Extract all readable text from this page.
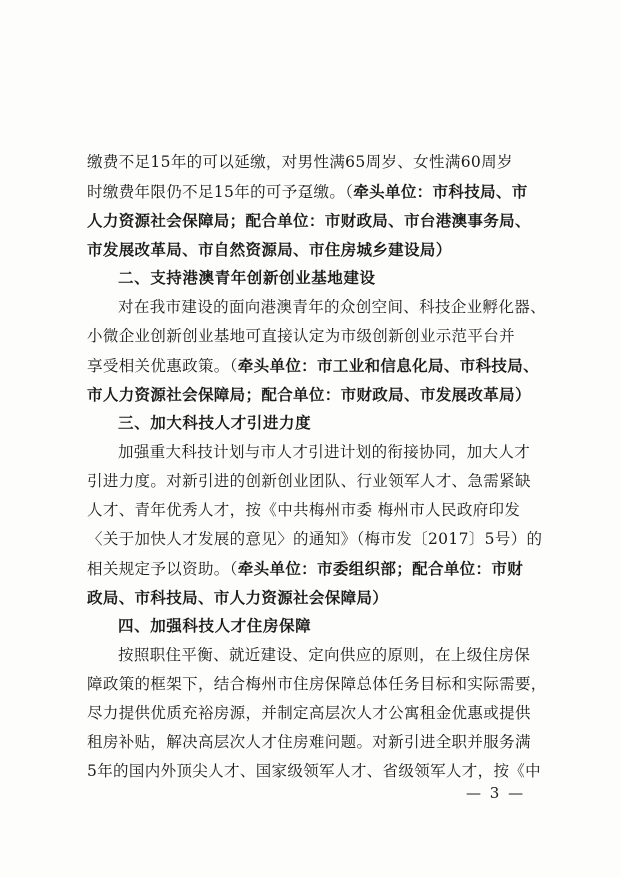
缴费不足15年的可以延缴，对男性满65周岁、女性满60周岁
时缴费年限仍不足15年的可予趸缴。（牵头单位：市科技局、市
人力资源社会保障局；配合单位：市财政局、市台港澳事务局、
市发展改革局、市自然资源局、市住房城乡建设局）
二、支持港澳青年创新创业基地建设
对在我市建设的面向港澳青年的众创空间、科技企业孵化器、
小微企业创新创业基地可直接认定为市级创新创业示范平台并
享受相关优惠政策。（牵头单位：市工业和信息化局、市科技局、
市人力资源社会保障局；配合单位：市财政局、市发展改革局）
三、加大科技人才引进力度
加强重大科技计划与市人才引进计划的衔接协同，加大人才
引进力度。对新引进的创新创业团队、行业领军人才、急需紧缺
人才、青年优秀人才，按《中共梅州市委 梅州市人民政府印发
〈关于加快人才发展的意见〉的通知》（梅市发〔2017〕5号）的
相关规定予以资助。（牵头单位：市委组织部；配合单位：市财
政局、市科技局、市人力资源社会保障局）
四、加强科技人才住房保障
按照职住平衡、就近建设、定向供应的原则，在上级住房保
障政策的框架下，结合梅州市住房保障总体任务目标和实际需要，
尽力提供优质充裕房源，并制定高层次人才公寓租金优惠或提供
租房补贴，解决高层次人才住房难问题。对新引进全职并服务满
5年的国内外顶尖人才、国家级领军人才、省级领军人才，按《中
— 3 —
